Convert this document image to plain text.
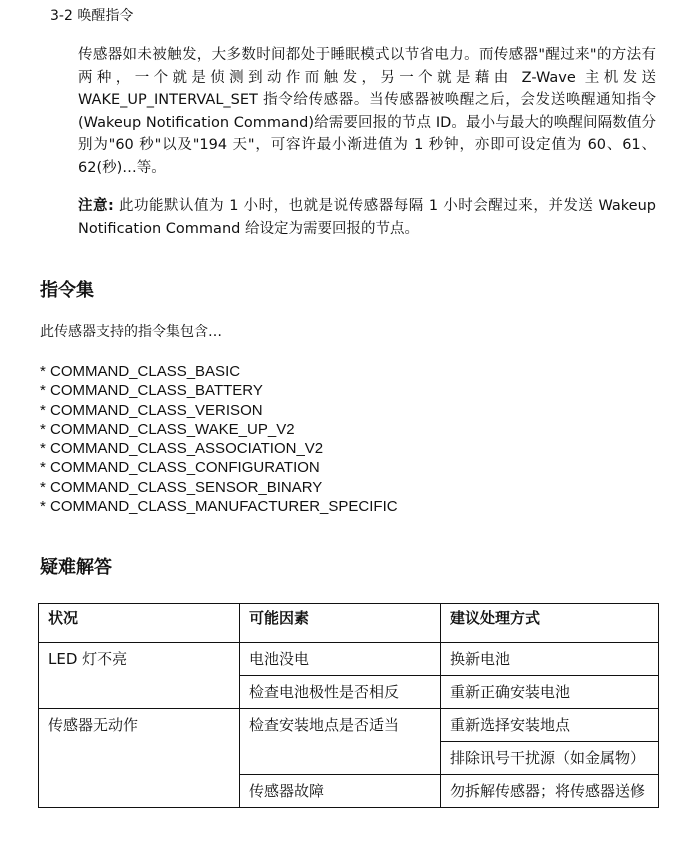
3-2 唤醒指令

传感器如未被触发，大多数时间都处于睡眠模式以节省电力。而传感器"醒过来"的方法有两种，一个就是侦测到动作而触发，另一个就是藉由 Z-Wave 主机发送 WAKE_UP_INTERVAL_SET 指令给传感器。当传感器被唤醒之后，会发送唤醒通知指令(Wakeup Notification Command)给需要回报的节点 ID。最小与最大的唤醒间隔数值分别为"60 秒"以及"194 天"，可容许最小渐进值为 1 秒钟，亦即可设定值为 60、61、62(秒)…等。

注意: 此功能默认值为 1 小时，也就是说传感器每隔 1 小时会醒过来，并发送 Wakeup Notification Command 给设定为需要回报的节点。

指令集
此传感器支持的指令集包含…
* COMMAND_CLASS_BASIC
* COMMAND_CLASS_BATTERY
* COMMAND_CLASS_VERISON
* COMMAND_CLASS_WAKE_UP_V2
* COMMAND_CLASS_ASSOCIATION_V2
* COMMAND_CLASS_CONFIGURATION
* COMMAND_CLASS_SENSOR_BINARY
* COMMAND_CLASS_MANUFACTURER_SPECIFIC
疑难解答
状况	可能因素	建议处理方式
LED 灯不亮	电池没电	换新电池
	检查电池极性是否相反	重新正确安装电池
传感器无动作	检查安装地点是否适当	重新选择安装地点
		排除讯号干扰源（如金属物）
	传感器故障	勿拆解传感器；将传感器送修
